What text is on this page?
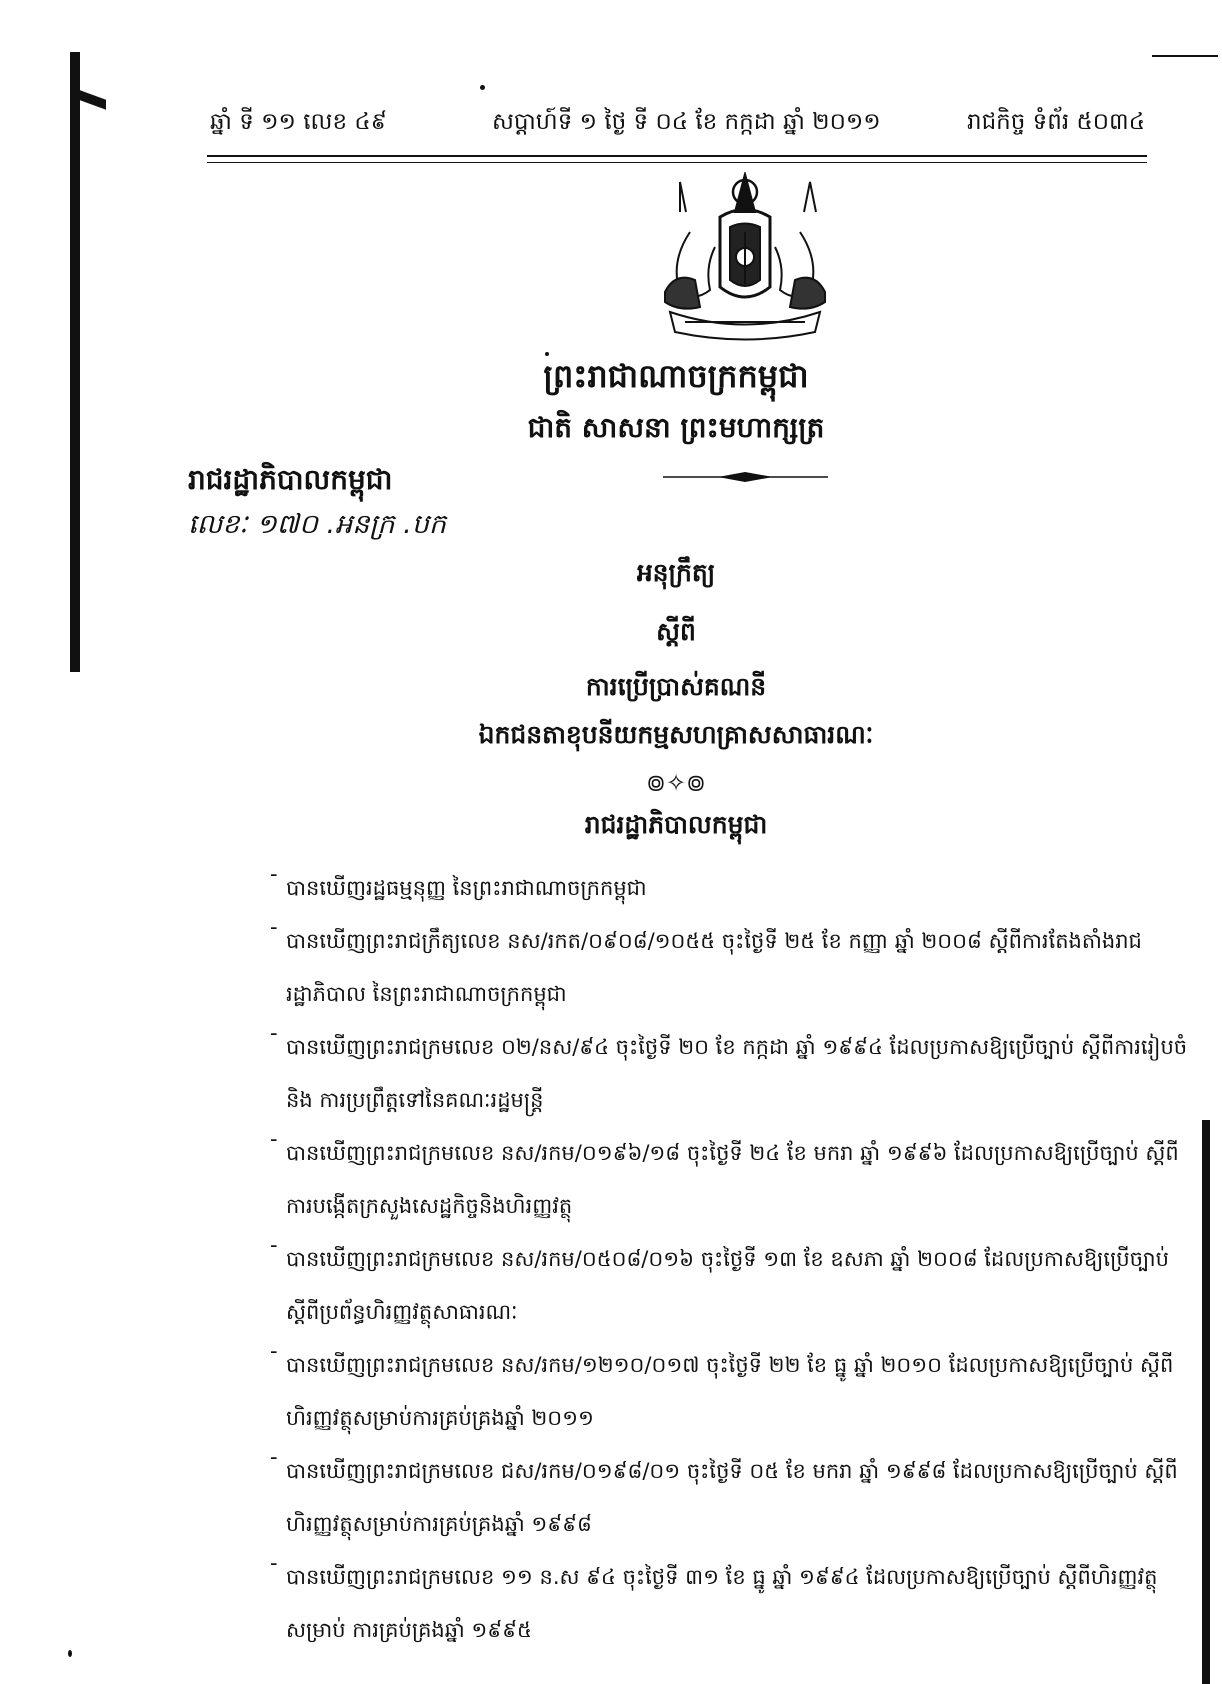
ឆ្នាំ ទី ១១ លេខ ៤៩	សប្តាហ៍ទី ១ ថ្ងៃ ទី ០៤ ខែ កក្កដា ឆ្នាំ ២០១១	រាជកិច្ច ទំព័រ ៥០៣៤
ព្រះរាជាណាចក្រកម្ពុជា
ជាតិ សាសនា ព្រះមហាក្សត្រ
រាជរដ្ឋាភិបាលកម្ពុជា
លេខៈ ១៧០ .អនក្រ .បក
អនុក្រឹត្យ
ស្តីពី
ការប្រើប្រាស់គណនី
ឯកជនតាខុបនីយកម្មសហគ្រាសសាធារណៈ
៙✧៙
រាជរដ្ឋាភិបាលកម្ពុជា
-
បានឃើញរដ្ឋធម្មនុញ្ញ នៃព្រះរាជាណាចក្រកម្ពុជា
-
បានឃើញព្រះរាជក្រឹត្យលេខ នស/រកត/០៩០៨/១០៥៥ ចុះថ្ងៃទី ២៥ ខែ កញ្ញា ឆ្នាំ ២០០៨ ស្តីពីការតែងតាំងរាជរដ្ឋាភិបាល នៃព្រះរាជាណាចក្រកម្ពុជា
-
បានឃើញព្រះរាជក្រមលេខ ០២/នស/៩៤ ចុះថ្ងៃទី ២០ ខែ កក្កដា ឆ្នាំ ១៩៩៤ ដែលប្រកាសឱ្យប្រើច្បាប់ ស្តីពីការរៀបចំ និង ការប្រព្រឹត្តទៅនៃគណៈរដ្ឋមន្ត្រី
-
បានឃើញព្រះរាជក្រមលេខ នស/រកម/០១៩៦/១៨ ចុះថ្ងៃទី ២៤ ខែ មករា ឆ្នាំ ១៩៩៦ ដែលប្រកាសឱ្យប្រើច្បាប់ ស្តីពី ការបង្កើតក្រសួងសេដ្ឋកិច្ចនិងហិរញ្ញវត្ថុ
-
បានឃើញព្រះរាជក្រមលេខ នស/រកម/០៥០៨/០១៦ ចុះថ្ងៃទី ១៣ ខែ ឧសភា ឆ្នាំ ២០០៨ ដែលប្រកាសឱ្យប្រើច្បាប់ ស្តីពីប្រព័ន្ធហិរញ្ញវត្ថុសាធារណៈ
-
បានឃើញព្រះរាជក្រមលេខ នស/រកម/១២១០/០១៧ ចុះថ្ងៃទី ២២ ខែ ធ្នូ ឆ្នាំ ២០១០ ដែលប្រកាសឱ្យប្រើច្បាប់ ស្តីពី ហិរញ្ញវត្ថុសម្រាប់ការគ្រប់គ្រងឆ្នាំ ២០១១
-
បានឃើញព្រះរាជក្រមលេខ ជស/រកម/០១៩៨/០១ ចុះថ្ងៃទី ០៥ ខែ មករា ឆ្នាំ ១៩៩៨ ដែលប្រកាសឱ្យប្រើច្បាប់ ស្តីពី ហិរញ្ញវត្ថុសម្រាប់ការគ្រប់គ្រងឆ្នាំ ១៩៩៨
-
បានឃើញព្រះរាជក្រមលេខ ១១ ន.ស ៩៤ ចុះថ្ងៃទី ៣១ ខែ ធ្នូ ឆ្នាំ ១៩៩៤ ដែលប្រកាសឱ្យប្រើច្បាប់ ស្តីពីហិរញ្ញវត្ថុសម្រាប់ ការគ្រប់គ្រងឆ្នាំ ១៩៩៥
